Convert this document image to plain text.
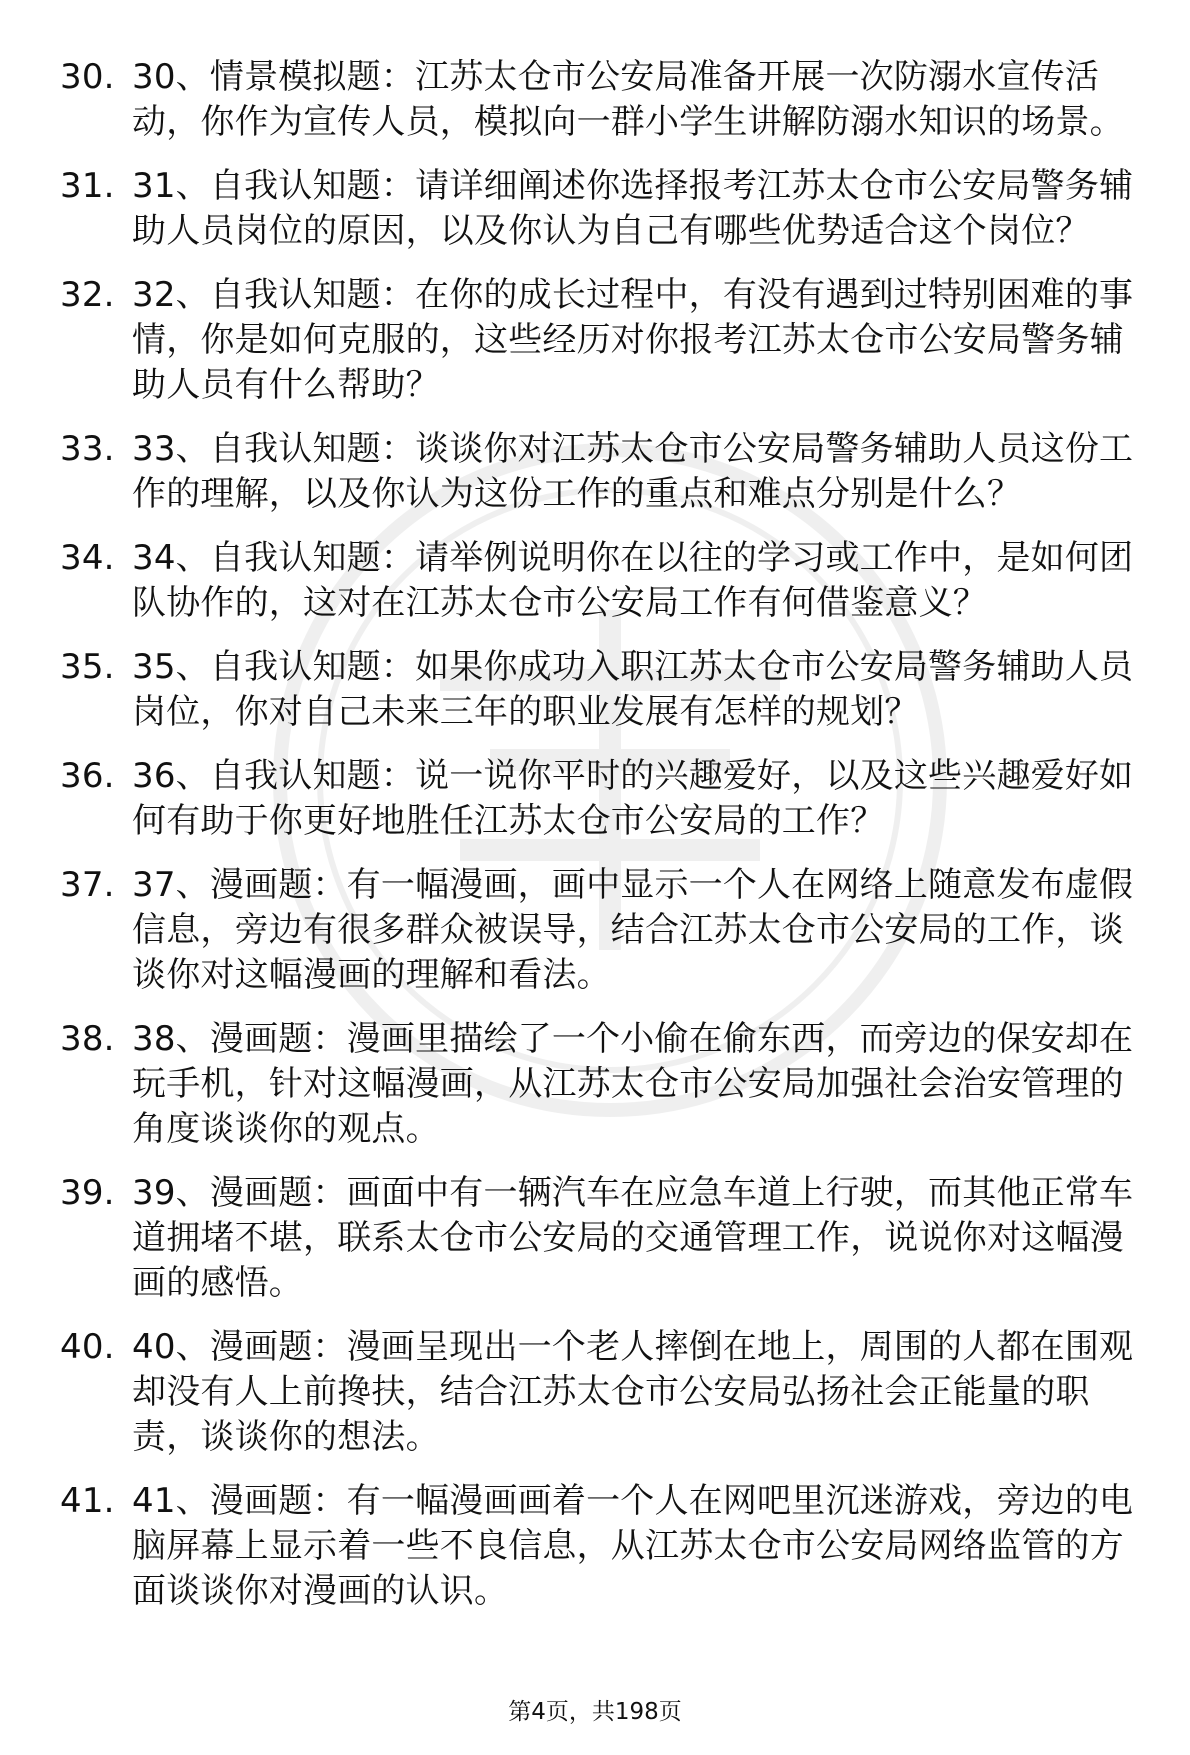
30. 30、情景模拟题：江苏太仓市公安局准备开展一次防溺水宣传活动，你作为宣传人员，模拟向一群小学生讲解防溺水知识的场景。
31. 31、自我认知题：请详细阐述你选择报考江苏太仓市公安局警务辅助人员岗位的原因，以及你认为自己有哪些优势适合这个岗位？
32. 32、自我认知题：在你的成长过程中，有没有遇到过特别困难的事情，你是如何克服的，这些经历对你报考江苏太仓市公安局警务辅助人员有什么帮助？
33. 33、自我认知题：谈谈你对江苏太仓市公安局警务辅助人员这份工作的理解，以及你认为这份工作的重点和难点分别是什么？
34. 34、自我认知题：请举例说明你在以往的学习或工作中，是如何团队协作的，这对在江苏太仓市公安局工作有何借鉴意义？
35. 35、自我认知题：如果你成功入职江苏太仓市公安局警务辅助人员岗位，你对自己未来三年的职业发展有怎样的规划？
36. 36、自我认知题：说一说你平时的兴趣爱好，以及这些兴趣爱好如何有助于你更好地胜任江苏太仓市公安局的工作？
37. 37、漫画题：有一幅漫画，画中显示一个人在网络上随意发布虚假信息，旁边有很多群众被误导，结合江苏太仓市公安局的工作，谈谈你对这幅漫画的理解和看法。
38. 38、漫画题：漫画里描绘了一个小偷在偷东西，而旁边的保安却在玩手机，针对这幅漫画，从江苏太仓市公安局加强社会治安管理的角度谈谈你的观点。
39. 39、漫画题：画面中有一辆汽车在应急车道上行驶，而其他正常车道拥堵不堪，联系太仓市公安局的交通管理工作，说说你对这幅漫画的感悟。
40. 40、漫画题：漫画呈现出一个老人摔倒在地上，周围的人都在围观却没有人上前搀扶，结合江苏太仓市公安局弘扬社会正能量的职责，谈谈你的想法。
41. 41、漫画题：有一幅漫画画着一个人在网吧里沉迷游戏，旁边的电脑屏幕上显示着一些不良信息，从江苏太仓市公安局网络监管的方面谈谈你对漫画的认识。
第4页，共198页
